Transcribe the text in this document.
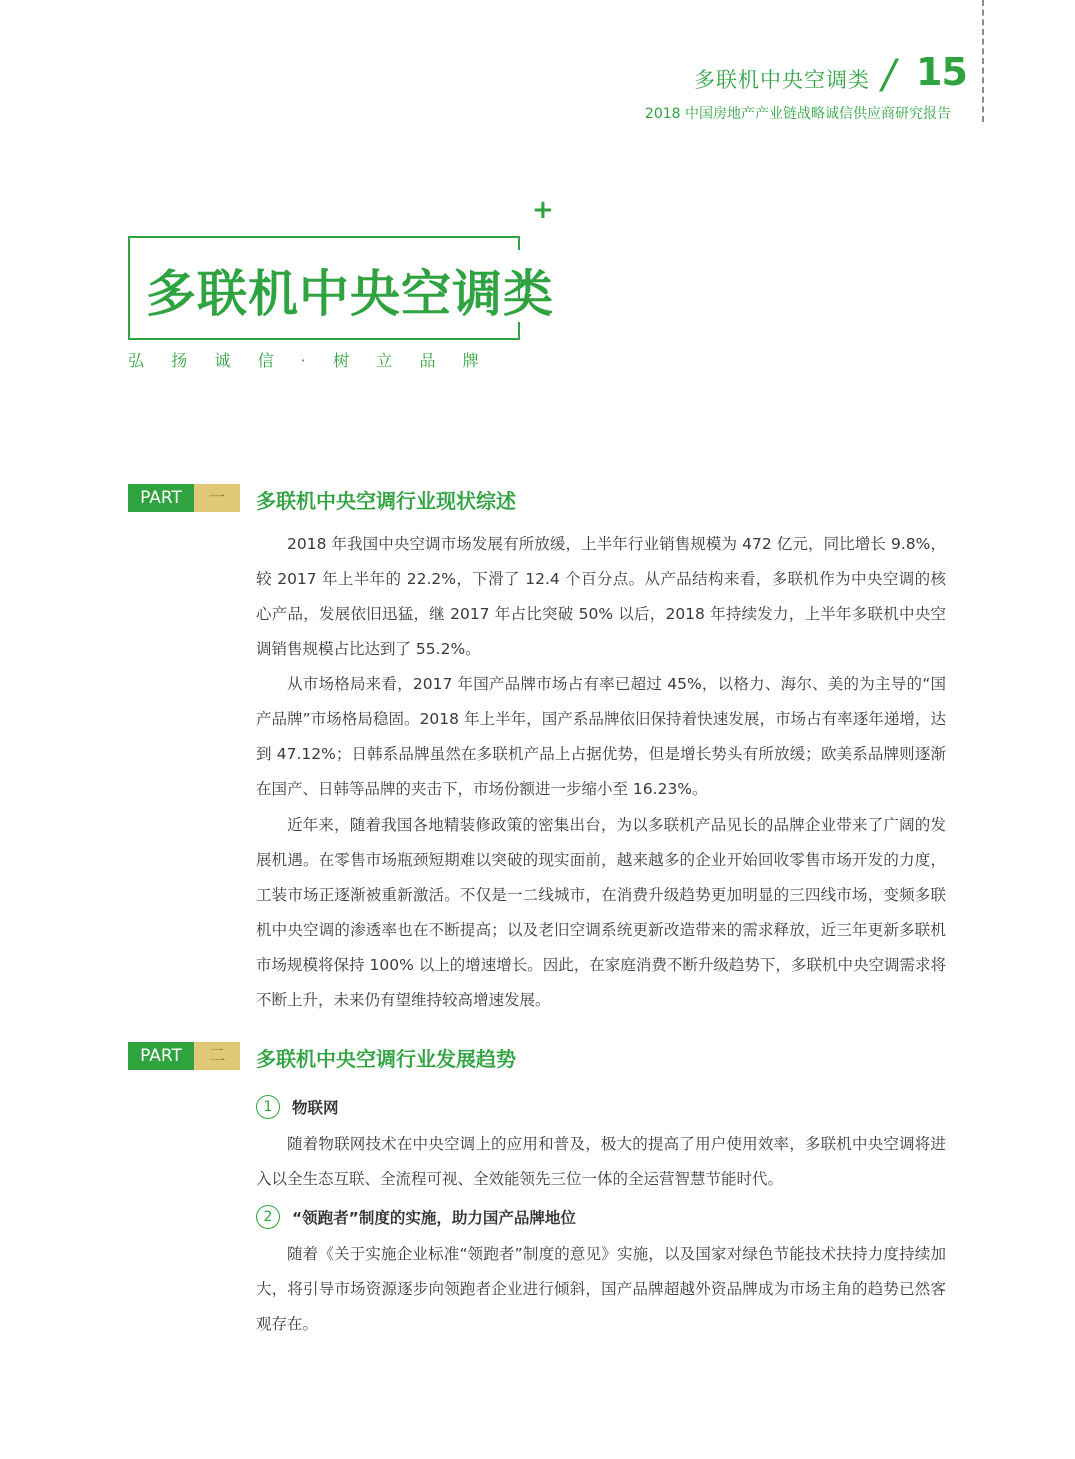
多联机中央空调类 / 15
2018 中国房地产产业链战略诚信供应商研究报告
+
多联机中央空调类
弘扬诚信·树立品牌
PART	一	多联机中央空调行业现状综述

2018 年我国中央空调市场发展有所放缓，上半年行业销售规模为 472 亿元，同比增长 9.8%，较 2017 年上半年的 22.2%，下滑了 12.4 个百分点。从产品结构来看，多联机作为中央空调的核心产品，发展依旧迅猛，继 2017 年占比突破 50% 以后，2018 年持续发力，上半年多联机中央空调销售规模占比达到了 55.2%。

从市场格局来看，2017 年国产品牌市场占有率已超过 45%，以格力、海尔、美的为主导的“国产品牌”市场格局稳固。2018 年上半年，国产系品牌依旧保持着快速发展，市场占有率逐年递增，达到 47.12%；日韩系品牌虽然在多联机产品上占据优势，但是增长势头有所放缓；欧美系品牌则逐渐在国产、日韩等品牌的夹击下，市场份额进一步缩小至 16.23%。

近年来，随着我国各地精装修政策的密集出台，为以多联机产品见长的品牌企业带来了广阔的发展机遇。在零售市场瓶颈短期难以突破的现实面前，越来越多的企业开始回收零售市场开发的力度，工装市场正逐渐被重新激活。不仅是一二线城市，在消费升级趋势更加明显的三四线市场，变频多联机中央空调的渗透率也在不断提高；以及老旧空调系统更新改造带来的需求释放，近三年更新多联机市场规模将保持 100% 以上的增速增长。因此，在家庭消费不断升级趋势下，多联机中央空调需求将不断上升，未来仍有望维持较高增速发展。

PART	二	多联机中央空调行业发展趋势
1	物联网

随着物联网技术在中央空调上的应用和普及，极大的提高了用户使用效率，多联机中央空调将进入以全生态互联、全流程可视、全效能领先三位一体的全运营智慧节能时代。

2	“领跑者”制度的实施，助力国产品牌地位

随着《关于实施企业标准“领跑者”制度的意见》实施，以及国家对绿色节能技术扶持力度持续加大，将引导市场资源逐步向领跑者企业进行倾斜，国产品牌超越外资品牌成为市场主角的趋势已然客观存在。
